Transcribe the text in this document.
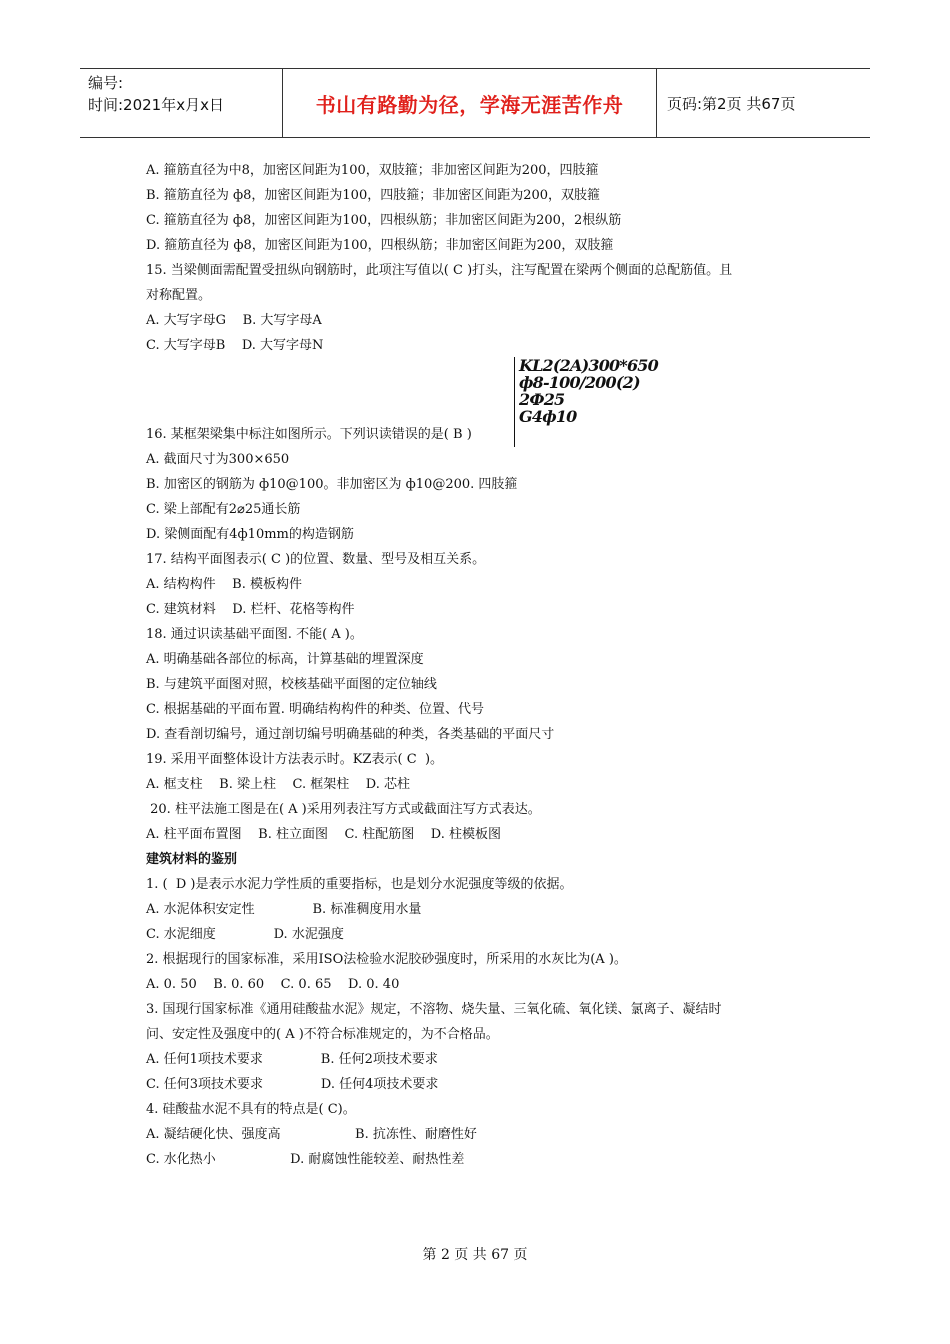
编号:
时间:2021年x月x日	书山有路勤为径，学海无涯苦作舟	页码:第2页 共67页
A. 箍筋直径为中8，加密区间距为100，双肢箍；非加密区间距为200，四肢箍
B. 箍筋直径为 ф8，加密区间距为100，四肢箍；非加密区间距为200，双肢箍
C. 箍筋直径为 ф8，加密区间距为100，四根纵筋；非加密区间距为200，2根纵筋
D. 箍筋直径为 ф8，加密区间距为100，四根纵筋；非加密区间距为200，双肢箍
15. 当梁侧面需配置受扭纵向钢筋时，此项注写值以( C )打头，注写配置在梁两个侧面的总配筋值。且
对称配置。
A. 大写字母G    B. 大写字母A
C. 大写字母B    D. 大写字母N
16. 某框架梁集中标注如图所示。下列识读错误的是( B )
KL2(2A)300*650
ф8-100/200(2)
2Ф25
G4ф10
A. 截面尺寸为300×650
B. 加密区的钢筋为 ф10@100。非加密区为 ф10@200. 四肢箍
C. 梁上部配有2⌀25通长筋
D. 梁侧面配有4ф10mm的构造钢筋
17. 结构平面图表示( C )的位置、数量、型号及相互关系。
A. 结构构件    B. 模板构件
C. 建筑材料    D. 栏杆、花格等构件
18. 通过识读基础平面图. 不能( A )。
A. 明确基础各部位的标高，计算基础的埋置深度
B. 与建筑平面图对照，校核基础平面图的定位轴线
C. 根据基础的平面布置. 明确结构构件的种类、位置、代号
D. 查看剖切编号，通过剖切编号明确基础的种类，各类基础的平面尺寸
19. 采用平面整体设计方法表示时。KZ表示( C  )。
A. 框支柱    B. 梁上柱    C. 框架柱    D. 芯柱
20. 柱平法施工图是在( A )采用列表注写方式或截面注写方式表达。
A. 柱平面布置图    B. 柱立面图    C. 柱配筋图    D. 柱模板图
建筑材料的鉴别
1. (  D )是表示水泥力学性质的重要指标，也是划分水泥强度等级的依据。
A. 水泥体积安定性              B. 标准稠度用水量
C. 水泥细度              D. 水泥强度
2. 根据现行的国家标准，采用ISO法检验水泥胶砂强度时，所采用的水灰比为(A )。
A. 0. 50    B. 0. 60    C. 0. 65    D. 0. 40
3. 国现行国家标准《通用硅酸盐水泥》规定，不溶物、烧失量、三氧化硫、氧化镁、氯离子、凝结时
问、安定性及强度中的( A )不符合标准规定的，为不合格品。
A. 任何1项技术要求              B. 任何2项技术要求
C. 任何3项技术要求              D. 任何4项技术要求
4. 硅酸盐水泥不具有的特点是( C)。
A. 凝结硬化快、强度高                  B. 抗冻性、耐磨性好
C. 水化热小                  D. 耐腐蚀性能较差、耐热性差
第 2 页 共 67 页
